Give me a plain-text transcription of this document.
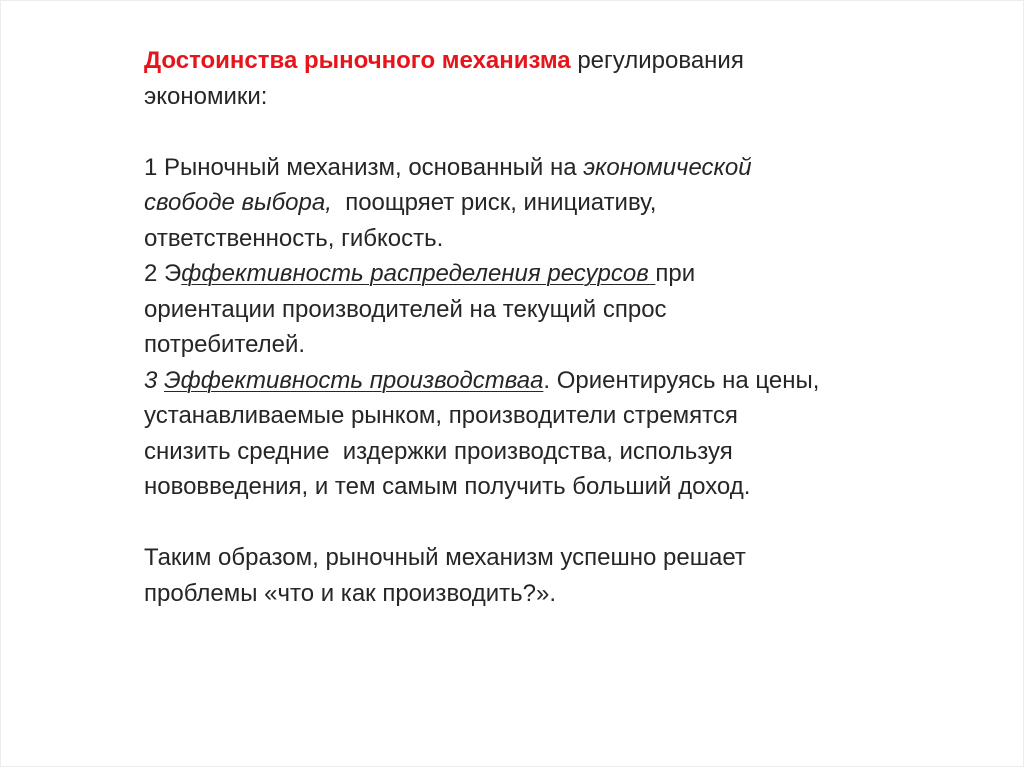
Достоинства рыночного механизма регулирования
экономики:
1 Рыночный механизм, основанный на экономической
свободе выбора,  поощряет риск, инициативу,
ответственность, гибкость.
2 Эффективность распределения ресурсов при
ориентации производителей на текущий спрос
потребителей.
3 Эффективность производстваа. Ориентируясь на цены,
устанавливаемые рынком, производители стремятся
снизить средние  издержки производства, используя
нововведения, и тем самым получить больший доход.
Таким образом, рыночный механизм успешно решает
проблемы «что и как производить?».
